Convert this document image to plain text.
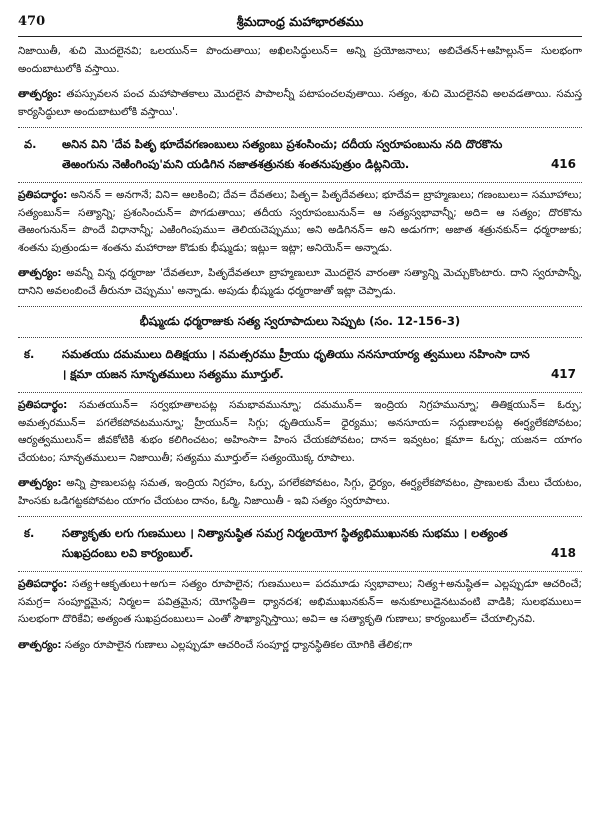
470	శ్రీమదాంధ్ర మహాభారతము

నిజాయితీ, శుచి మొదలైనవి; ఒలయున్= పొందుతాయి; అఖిలసిద్ధులున్= అన్ని ప్రయోజనాలు; అబిచేతన్+ఆహిల్లున్= సులభంగా అందుబాటులోకి వస్తాయి.

తాత్పర్యం: తపస్సువలన పంచ మహాపాతకాలు మొదలైన పాపాలన్నీ పటాపంచలవుతాయి. సత్యం, శుచి మొదలైనవి అలవడతాయి. సమస్త కార్యసిద్ధులూ అందుబాటులోకి వస్తాయి'.

వ.	అనిన విని 'దేవ పితృ భూదేవగణంబులు సత్యంబు ప్రశంసించు; దదీయ స్వరూపంబును నది దొరకొను తెఱంగును నెఱింగింపు'మని యడిగిన నజాతశత్రునకు శంతనుపుత్రుం డిట్లనియె.	416

ప్రతిపదార్థం: అనినన్ = అనగానే; విని= ఆలకించి; దేవ= దేవతలు; పితృ= పితృదేవతలు; భూదేవ= బ్రాహ్మణులు; గణంబులు= సమూహాలు; సత్యంబున్= సత్యాన్ని; ప్రశంసించున్= పొగడుతాయి; తదీయ స్వరూపంబునున్= ఆ సత్యస్వభావాన్నీ; అది= ఆ సత్యం; దొరకొను తెఱంగునున్= పొందే విధానాన్నీ; ఎఱింగింపుము= తెలియచెప్పుము; అని అడిగినన్= అని అడుగగా; అజాత శత్రునకున్= ధర్మరాజుకు; శంతను పుత్రుండు= శంతను మహారాజు కొడుకు భీష్ముడు; ఇట్లు= ఇట్లా; అనియెన్= అన్నాడు.

తాత్పర్యం: అవన్నీ విన్న ధర్మరాజు 'దేవతలూ, పితృదేవతలూ బ్రాహ్మణులూ మొదలైన వారంతా సత్యాన్ని మెచ్చుకొంటారు. దాని స్వరూపాన్నీ, దానిని అవలంబించే తీరునూ చెప్పుము' అన్నాడు. అపుడు భీష్ముడు ధర్మరాజుతో ఇట్లా చెప్పాడు.

భీష్ముఁడు ధర్మరాజుకు సత్య స్వరూపాదులు సెప్పుట (సం. 12-156-3)
క.	సమతయు దమములు దితిక్షయు । నమత్సరము హ్రీయు ధృతియు ననసూయార్య త్వములు నహింసా దాన । క్షమా యజన సూనృతములు సత్యము మూర్తుల్.	417

ప్రతిపదార్థం: సమతయున్= సర్వభూతాలపట్ల సమభావమున్నూ; దమమున్= ఇంద్రియ నిగ్రహమున్నూ; తితిక్షయున్= ఓర్పు; అమత్సరమున్= పగలేకపోవటమున్నూ; హ్రీయున్= సిగ్గు; ధృతియున్= ధైర్యము; అనసూయ= సద్గుణాలపట్ల ఈర్ష్యలేకపోవటం; ఆర్యత్వములున్= జీవకోటికి శుభం కలిగించటం; అహింసా= హింస చేయకపోవటం; దాన= ఇవ్వటం; క్షమా= ఓర్పు; యజన= యాగం చేయటం; సూనృతములు= నిజాయితీ; సత్యము మూర్తుల్= సత్యంయొక్క రూపాలు.

తాత్పర్యం: అన్ని ప్రాణులపట్ల సమత, ఇంద్రియ నిగ్రహం, ఓర్పు, పగలేకపోవటం, సిగ్గు, ధైర్యం, ఈర్ష్యలేకపోవటం, ప్రాణులకు మేలు చేయటం, హింసకు ఒడిగట్టకపోవటం యాగం చేయటం దానం, ఓర్మి, నిజాయితీ - ఇవి సత్యం స్వరూపాలు.

క.	సత్యాకృతు లగు గుణములు । నిత్యానుష్ఠిత సమగ్ర నిర్మలయోగ స్థిత్యభిముఖునకు సుభము । లత్యంత సుఖప్రదంబు లవి కార్యంబుల్.	418

ప్రతిపదార్థం: సత్య+ఆకృతులు+అగు= సత్యం రూపాలైన; గుణములు= పదమూడు స్వభావాలు; నిత్య+అనుష్ఠిత= ఎల్లప్పుడూ ఆచరించే; సమగ్ర= సంపూర్ణమైన; నిర్మల= పవిత్రమైన; యోగస్థితి= ధ్యానదశ; అభిముఖునకున్= అనుకూలుడైనటువంటి వాడికి; సులభములు= సులభంగా దొరికేవి; అత్యంత సుఖప్రదంబులు= ఎంతో సౌఖ్యాన్నిస్తాయి; అవి= ఆ సత్యాకృతి గుణాలు; కార్యంబుల్= చేయాల్సినవి.

తాత్పర్యం: సత్యం రూపాలైన గుణాలు ఎల్లప్పుడూ ఆచరించే సంపూర్ణ ధ్యానస్థితికల యోగికి తేలిక;గా
